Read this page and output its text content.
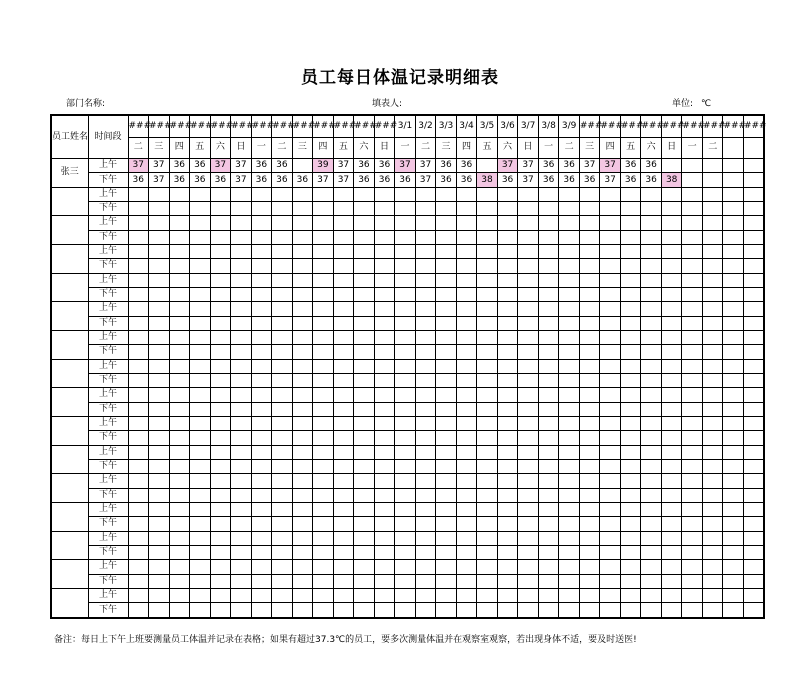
员工每日体温记录明细表
部门名称:	填表人:	单位: ℃
员工姓名	时间段	###	###	###	###	###	###	###	###	###	###	###	###	###	3/1	3/2	3/3	3/4	3/5	3/6	3/7	3/8	3/9	###	###	###	###	###	###	###	###	###
		二	三	四	五	六	日	一	二	三	四	五	六	日	一	二	三	四	五	六	日	一	二	三	四	五	六	日	一	二		
张三	上午	37	37	36	36	37	37	36	36		39	37	36	36	37	37	36	36		37	37	36	36	37	37	36	36					
	下午	36	37	36	36	36	37	36	36	36	37	37	36	36	36	37	36	36	38	36	37	36	36	36	37	36	36	38				
	上午																															
	下午																															
	上午																															
	下午																															
	上午																															
	下午																															
	上午																															
	下午																															
	上午																															
	下午																															
	上午																															
	下午																															
	上午																															
	下午																															
	上午																															
	下午																															
	上午																															
	下午																															
	上午																															
	下午																															
	上午																															
	下午																															
	上午																															
	下午																															
	上午																															
	下午																															
	上午																															
	下午																															
	上午																															
	下午																															
备注：每日上下午上班要测量员工体温并记录在表格；如果有超过37.3℃的员工，要多次测量体温并在观察室观察，若出现身体不适，要及时送医!
